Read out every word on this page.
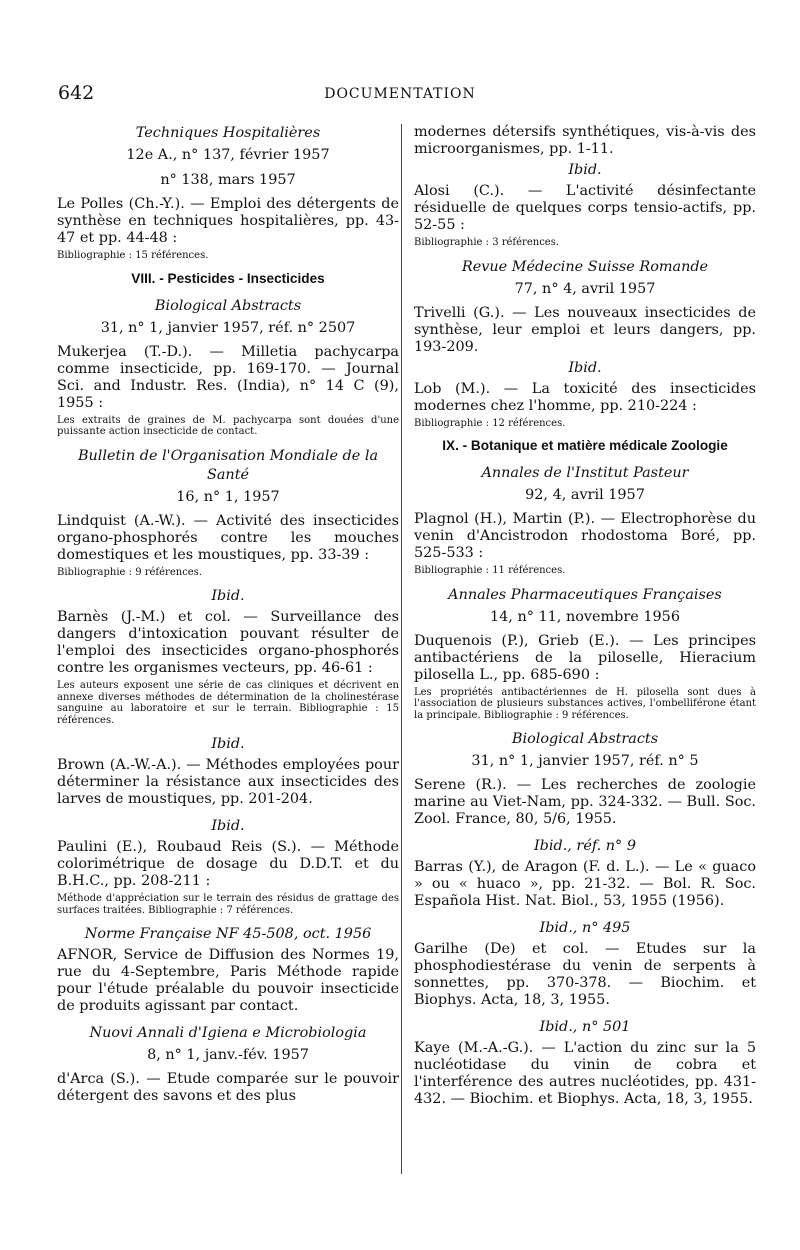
642	DOCUMENTATION
Techniques Hospitalières
12e A., n° 137, février 1957
n° 138, mars 1957
Le Polles (Ch.-Y.). — Emploi des détergents de synthèse en techniques hospitalières, pp. 43-47 et pp. 44-48 :
Bibliographie : 15 références.
VIII. - Pesticides - Insecticides
Biological Abstracts
31, n° 1, janvier 1957, réf. n° 2507
Mukerjea (T.-D.). — Milletia pachycarpa comme insecticide, pp. 169-170. — Journal Sci. and Industr. Res. (India), n° 14 C (9), 1955 :
Les extraits de graines de M. pachycarpa sont douées d'une puissante action insecticide de contact.
Bulletin de l'Organisation Mondiale de la Santé
16, n° 1, 1957
Lindquist (A.-W.). — Activité des insecticides organo-phosphorés contre les mouches domestiques et les moustiques, pp. 33-39 :
Bibliographie : 9 références.
Ibid.
Barnès (J.-M.) et col. — Surveillance des dangers d'intoxication pouvant résulter de l'emploi des insecticides organo-phosphorés contre les organismes vecteurs, pp. 46-61 :
Les auteurs exposent une série de cas cliniques et décrivent en annexe diverses méthodes de détermination de la cholinestérase sanguine au laboratoire et sur le terrain. Bibliographie : 15 références.
Ibid.
Brown (A.-W.-A.). — Méthodes employées pour déterminer la résistance aux insecticides des larves de moustiques, pp. 201-204.
Ibid.
Paulini (E.), Roubaud Reis (S.). — Méthode colorimétrique de dosage du D.D.T. et du B.H.C., pp. 208-211 :
Méthode d'appréciation sur le terrain des résidus de grattage des surfaces traitées. Bibliographie : 7 références.
Norme Française NF 45-508, oct. 1956
AFNOR, Service de Diffusion des Normes 19, rue du 4-Septembre, Paris Méthode rapide pour l'étude préalable du pouvoir insecticide de produits agissant par contact.
Nuovi Annali d'Igiena e Microbiologia
8, n° 1, janv.-fév. 1957
d'Arca (S.). — Etude comparée sur le pouvoir détergent des savons et des plus
modernes détersifs synthétiques, vis-à-vis des microorganismes, pp. 1-11.
Ibid.
Alosi (C.). — L'activité désinfectante résiduelle de quelques corps tensio-actifs, pp. 52-55 :
Bibliographie : 3 références.
Revue Médecine Suisse Romande
77, n° 4, avril 1957
Trivelli (G.). — Les nouveaux insecticides de synthèse, leur emploi et leurs dangers, pp. 193-209.
Ibid.
Lob (M.). — La toxicité des insecticides modernes chez l'homme, pp. 210-224 :
Bibliographie : 12 références.
IX. - Botanique et matière médicale Zoologie
Annales de l'Institut Pasteur
92, 4, avril 1957
Plagnol (H.), Martin (P.). — Electrophorèse du venin d'Ancistrodon rhodostoma Boré, pp. 525-533 :
Bibliographie : 11 références.
Annales Pharmaceutiques Françaises
14, n° 11, novembre 1956
Duquenois (P.), Grieb (E.). — Les principes antibactériens de la piloselle, Hieracium pilosella L., pp. 685-690 :
Les propriétés antibactériennes de H. pilosella sont dues à l'association de plusieurs substances actives, l'ombelliférone étant la principale. Bibliographie : 9 références.
Biological Abstracts
31, n° 1, janvier 1957, réf. n° 5
Serene (R.). — Les recherches de zoologie marine au Viet-Nam, pp. 324-332. — Bull. Soc. Zool. France, 80, 5/6, 1955.
Ibid., réf. n° 9
Barras (Y.), de Aragon (F. d. L.). — Le « guaco » ou « huaco », pp. 21-32. — Bol. R. Soc. Española Hist. Nat. Biol., 53, 1955 (1956).
Ibid., n° 495
Garilhe (De) et col. — Etudes sur la phosphodiestérase du venin de serpents à sonnettes, pp. 370-378. — Biochim. et Biophys. Acta, 18, 3, 1955.
Ibid., n° 501
Kaye (M.-A.-G.). — L'action du zinc sur la 5 nucléotidase du vinin de cobra et l'interférence des autres nucléotides, pp. 431-432. — Biochim. et Biophys. Acta, 18, 3, 1955.
